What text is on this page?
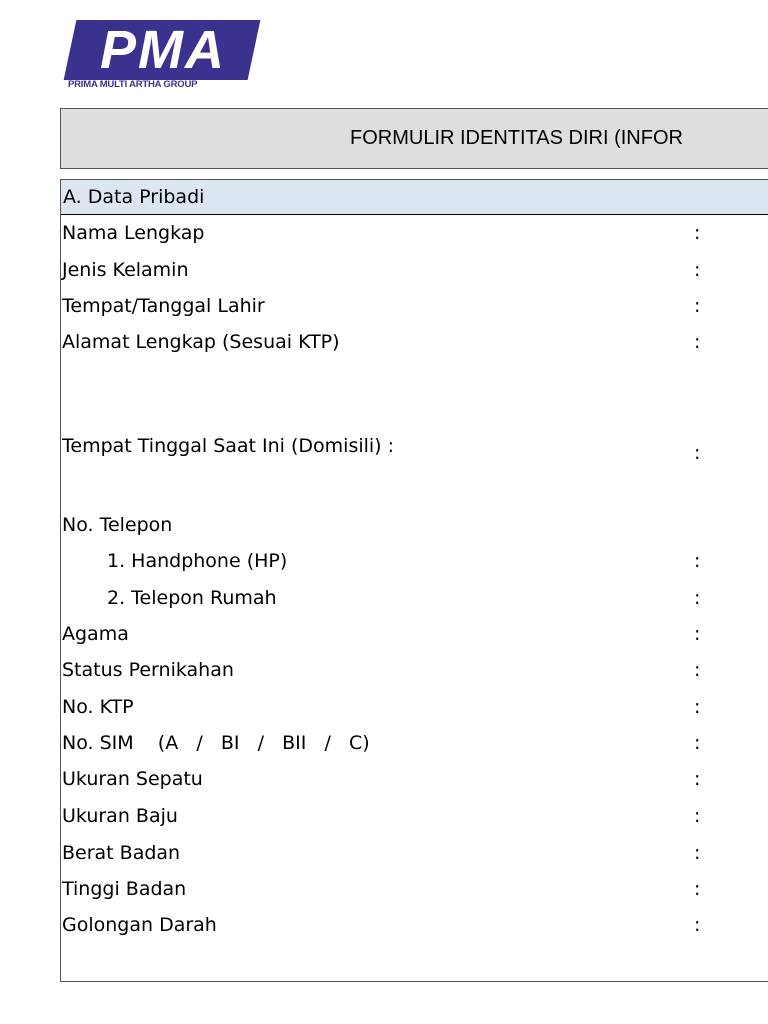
PMA
PRIMA MULTI ARTHA GROUP
FORMULIR IDENTITAS DIRI (INFOR
A. Data Pribadi
Nama Lengkap	:
Jenis Kelamin	:
Tempat/Tanggal Lahir	:
Alamat Lengkap (Sesuai KTP)	:
Tempat Tinggal Saat Ini (Domisili) :	:
No. Telepon
1. Handphone (HP)	:
2. Telepon Rumah	:
Agama	:
Status Pernikahan	:
No. KTP	:
No. SIM    (A   /   BI   /   BII   /   C)	:
Ukuran Sepatu	:
Ukuran Baju	:
Berat Badan	:
Tinggi Badan	:
Golongan Darah	:
